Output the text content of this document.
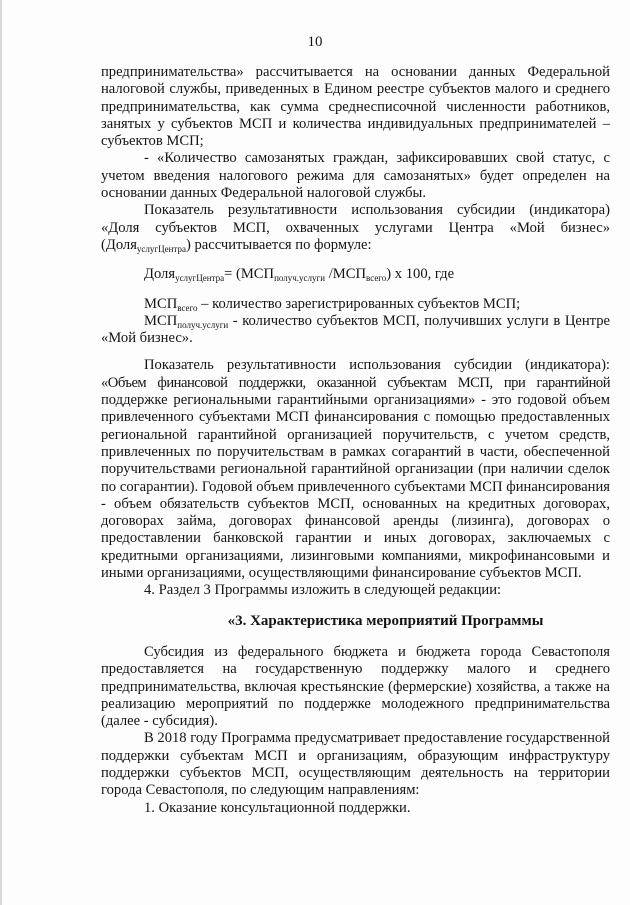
10

предпринимательства» рассчитывается на основании данных Федеральной налоговой службы, приведенных в Едином реестре субъектов малого и среднего предпринимательства, как сумма среднесписочной численности работников, занятых у субъектов МСП и количества индивидуальных предпринимателей – субъектов МСП;

- «Количество самозанятых граждан, зафиксировавших свой статус, с учетом введения налогового режима для самозанятых» будет определен на основании данных Федеральной налоговой службы.

Показатель результативности использования субсидии (индикатора) «Доля субъектов МСП, охваченных услугами Центра «Мой бизнес» (Доля$_{услугЦентра}$) рассчитывается по формуле:

Доля$_{услугЦентра}$= ($МСП_{получ.услуги}$ $/МСП_{всего}$) х 100, где

$МСП_{всего}$ – количество зарегистрированных субъектов МСП;

$МСП_{получ.услуги}$ - количество субъектов МСП, получивших услуги в Центре «Мой бизнес».

Показатель результативности использования субсидии (индикатора): «Объем финансовой поддержки, оказанной субъектам МСП, при гарантийной поддержке региональными гарантийными организациями» - это годовой объем привлеченного субъектами МСП финансирования с помощью предоставленных региональной гарантийной организацией поручительств, с учетом средств, привлеченных по поручительствам в рамках согарантий в части, обеспеченной поручительствами региональной гарантийной организации (при наличии сделок по согарантии). Годовой объем привлеченного субъектами МСП финансирования - объем обязательств субъектов МСП, основанных на кредитных договорах, договорах займа, договорах финансовой аренды (лизинга), договорах о предоставлении банковской гарантии и иных договорах, заключаемых с кредитными организациями, лизинговыми компаниями, микрофинансовыми и иными организациями, осуществляющими финансирование субъектов МСП.

4. Раздел 3 Программы изложить в следующей редакции:

«3. Характеристика мероприятий Программы

Субсидия из федерального бюджета и бюджета города Севастополя предоставляется на государственную поддержку малого и среднего предпринимательства, включая крестьянские (фермерские) хозяйства, а также на реализацию мероприятий по поддержке молодежного предпринимательства (далее - субсидия).

В 2018 году Программа предусматривает предоставление государственной поддержки субъектам МСП и организациям, образующим инфраструктуру поддержки субъектов МСП, осуществляющим деятельность на территории города Севастополя, по следующим направлениям:

1. Оказание консультационной поддержки.
